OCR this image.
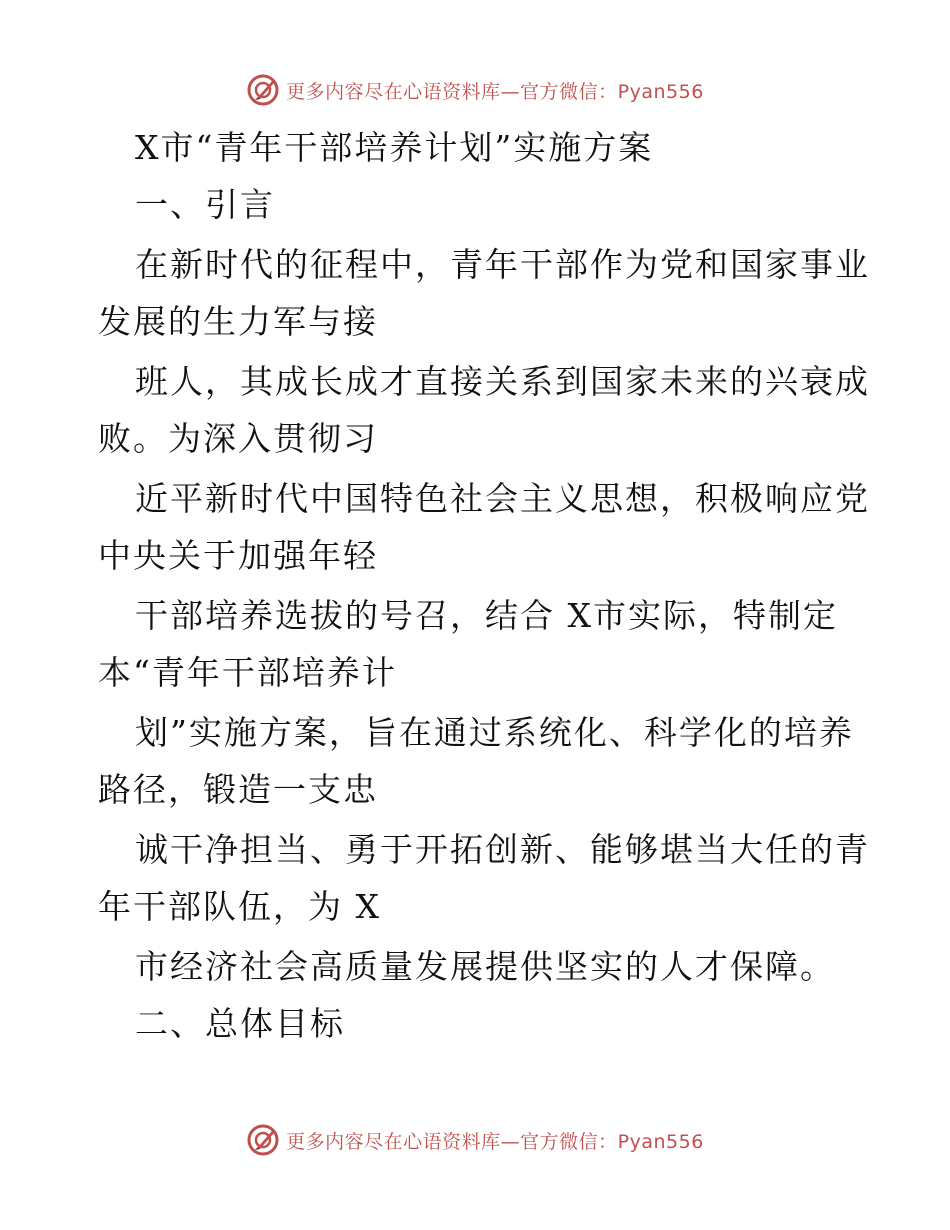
更多内容尽在心语资料库—官方微信：Pyan556
X市“青年干部培养计划”实施方案
一、引言
在新时代的征程中，青年干部作为党和国家事业
发展的生力军与接
班人，其成长成才直接关系到国家未来的兴衰成
败。为深入贯彻习
近平新时代中国特色社会主义思想，积极响应党
中央关于加强年轻
干部培养选拔的号召，结合 X市实际，特制定
本“青年干部培养计
划”实施方案，旨在通过系统化、科学化的培养
路径，锻造一支忠
诚干净担当、勇于开拓创新、能够堪当大任的青
年干部队伍，为 X
市经济社会高质量发展提供坚实的人才保障。
二、总体目标
更多内容尽在心语资料库—官方微信：Pyan556
